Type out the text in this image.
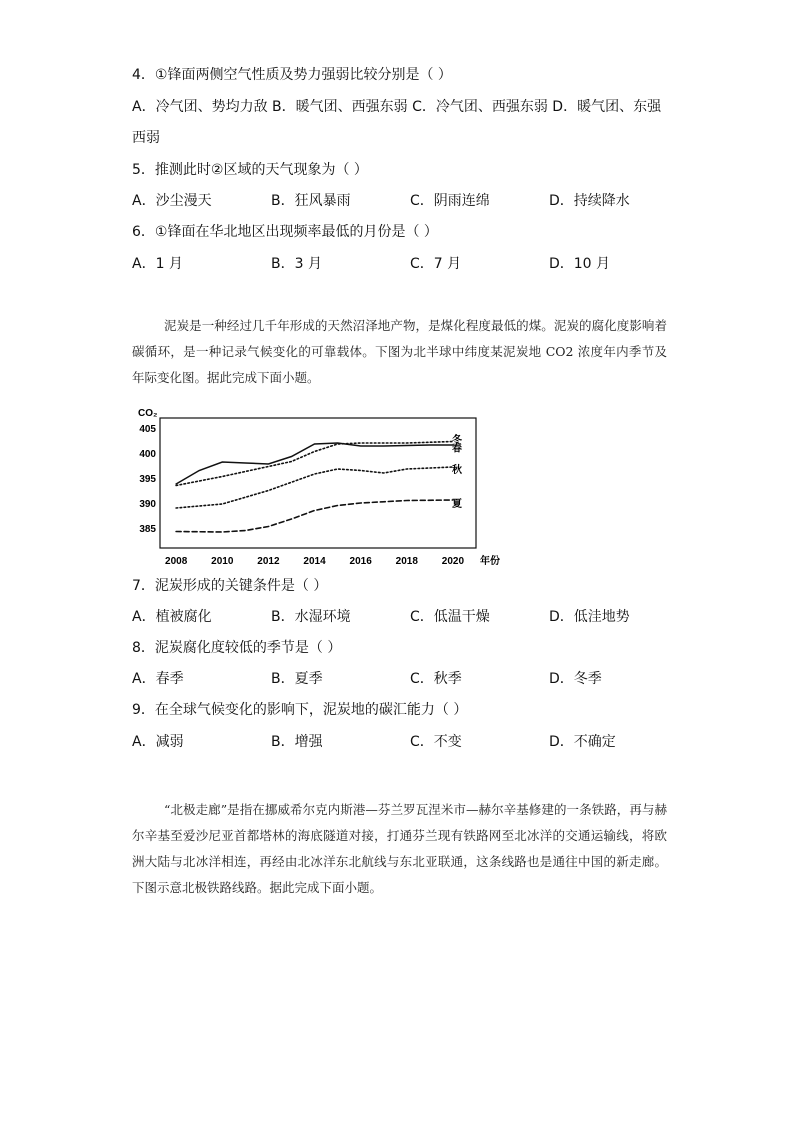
4．①锋面两侧空气性质及势力强弱比较分别是（ ）
A．冷气团、势均力敌 B．暖气团、西强东弱 C．冷气团、西强东弱 D．暖气团、东强
西弱
5．推测此时②区域的天气现象为（ ）
A．沙尘漫天	B．狂风暴雨	C．阴雨连绵	D．持续降水
6．①锋面在华北地区出现频率最低的月份是（ ）
A．1 月	B．3 月	C．7 月	D．10 月

泥炭是一种经过几千年形成的天然沼泽地产物，是煤化程度最低的煤。泥炭的腐化度影响着碳循环，是一种记录气候变化的可靠载体。下图为北半球中纬度某泥炭地 CO2 浓度年内季节及年际变化图。据此完成下面小题。

CO₂
年份
405
400
395
390
385
2008 2010 2012 2014 2016 2018 2020
冬
春
秋
夏
7．泥炭形成的关键条件是（ ）
A．植被腐化	B．水湿环境	C．低温干燥	D．低洼地势
8．泥炭腐化度较低的季节是（ ）
A．春季	B．夏季	C．秋季	D．冬季
9．在全球气候变化的影响下，泥炭地的碳汇能力（ ）
A．减弱	B．增强	C．不变	D．不确定

“北极走廊”是指在挪威希尔克内斯港—芬兰罗瓦涅米市—赫尔辛基修建的一条铁路，再与赫尔辛基至爱沙尼亚首都塔林的海底隧道对接，打通芬兰现有铁路网至北冰洋的交通运输线，将欧洲大陆与北冰洋相连，再经由北冰洋东北航线与东北亚联通，这条线路也是通往中国的新走廊。下图示意北极铁路线路。据此完成下面小题。
